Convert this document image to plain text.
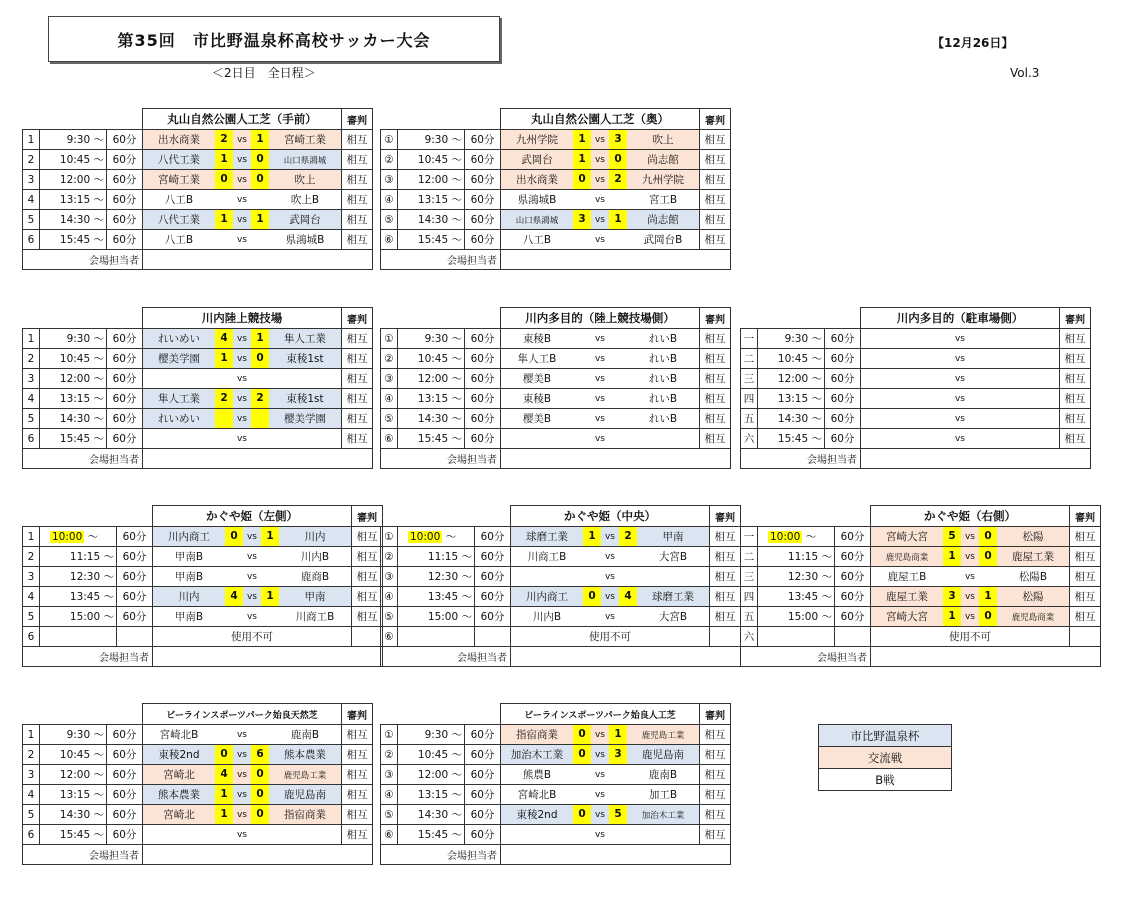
第35回　市比野温泉杯高校サッカー大会
＜2日目　全日程＞
【12月26日】
Vol.3
			丸山自然公園人工芝（手前）	審判
1	9:30 ～	60分	出水商業 2 vs 1 宮崎工業	相互
2	10:45 ～	60分	八代工業 1 vs 0 山口県鴻城	相互
3	12:00 ～	60分	宮崎工業 0 vs 0 吹上	相互
4	13:15 ～	60分	八工B vs 吹上B	相互
5	14:30 ～	60分	八代工業 1 vs 1 武岡台	相互
6	15:45 ～	60分	八工B vs 県鴻城B	相互
会場担当者				
			丸山自然公園人工芝（奥）	審判
①	9:30 ～	60分	九州学院 1 vs 3 吹上	相互
②	10:45 ～	60分	武岡台 1 vs 0 尚志館	相互
③	12:00 ～	60分	出水商業 0 vs 2 九州学院	相互
④	13:15 ～	60分	県鴻城B vs 宮工B	相互
⑤	14:30 ～	60分	山口県鴻城 3 vs 1 尚志館	相互
⑥	15:45 ～	60分	八工B vs 武岡台B	相互
会場担当者				
			川内陸上競技場	審判
1	9:30 ～	60分	れいめい 4 vs 1 隼人工業	相互
2	10:45 ～	60分	樱美学園 1 vs 0 東稜1st	相互
3	12:00 ～	60分	vs	相互
4	13:15 ～	60分	隼人工業 2 vs 2 東稜1st	相互
5	14:30 ～	60分	れいめい vs 樱美学園	相互
6	15:45 ～	60分	vs	相互
会場担当者				
			川内多目的（陸上競技場側）	審判
①	9:30 ～	60分	東稜B vs れいB	相互
②	10:45 ～	60分	隼人工B vs れいB	相互
③	12:00 ～	60分	樱美B vs れいB	相互
④	13:15 ～	60分	東稜B vs れいB	相互
⑤	14:30 ～	60分	樱美B vs れいB	相互
⑥	15:45 ～	60分	vs	相互
会場担当者				
			川内多目的（駐車場側）	審判
一	9:30 ～	60分	vs	相互
二	10:45 ～	60分	vs	相互
三	12:00 ～	60分	vs	相互
四	13:15 ～	60分	vs	相互
五	14:30 ～	60分	vs	相互
六	15:45 ～	60分	vs	相互
会場担当者				
			かぐや姫（左側）	審判
1	10:00 ～	60分	川内商工 0 vs 1 川内	相互
2	11:15 ～	60分	甲南B vs 川内B	相互
3	12:30 ～	60分	甲南B vs 鹿商B	相互
4	13:45 ～	60分	川内 4 vs 1 甲南	相互
5	15:00 ～	60分	甲南B vs 川商工B	相互
6			使用不可	

会場担当者				
			かぐや姫（中央）	審判
①	10:00 ～	60分	球磨工業 1 vs 2 甲南	相互
②	11:15 ～	60分	川商工B vs 大宮B	相互
③	12:30 ～	60分	vs	相互
④	13:45 ～	60分	川内商工 0 vs 4 球磨工業	相互
⑤	15:00 ～	60分	川内B vs 大宮B	相互
⑥			使用不可	

会場担当者				
			かぐや姫（右側）	審判
一	10:00 ～	60分	宮崎大宮 5 vs 0 松陽	相互
二	11:15 ～	60分	鹿児島商業 1 vs 0 鹿屋工業	相互
三	12:30 ～	60分	鹿屋工B vs 松陽B	相互
四	13:45 ～	60分	鹿屋工業 3 vs 1 松陽	相互
五	15:00 ～	60分	宮崎大宮 1 vs 0 鹿児島商業	相互
六			使用不可	

会場担当者				
			ビーラインスポーツパーク始良天然芝	審判
1	9:30 ～	60分	宮崎北B vs 鹿南B	相互
2	10:45 ～	60分	東稜2nd 0 vs 6 熊本農業	相互
3	12:00 ～	60分	宮崎北 4 vs 0 鹿児島工業	相互
4	13:15 ～	60分	熊本農業 1 vs 0 鹿児島南	相互
5	14:30 ～	60分	宮崎北 1 vs 0 指宿商業	相互
6	15:45 ～	60分	vs	相互
会場担当者				
			ビーラインスポーツパーク始良人工芝	審判
①	9:30 ～	60分	指宿商業 0 vs 1 鹿児島工業	相互
②	10:45 ～	60分	加治木工業 0 vs 3 鹿児島南	相互
③	12:00 ～	60分	熊農B vs 鹿南B	相互
④	13:15 ～	60分	宮崎北B vs 加工B	相互
⑤	14:30 ～	60分	東稜2nd 0 vs 5 加治木工業	相互
⑥	15:45 ～	60分	vs	相互
会場担当者				
市比野温泉杯
交流戦
B戦
